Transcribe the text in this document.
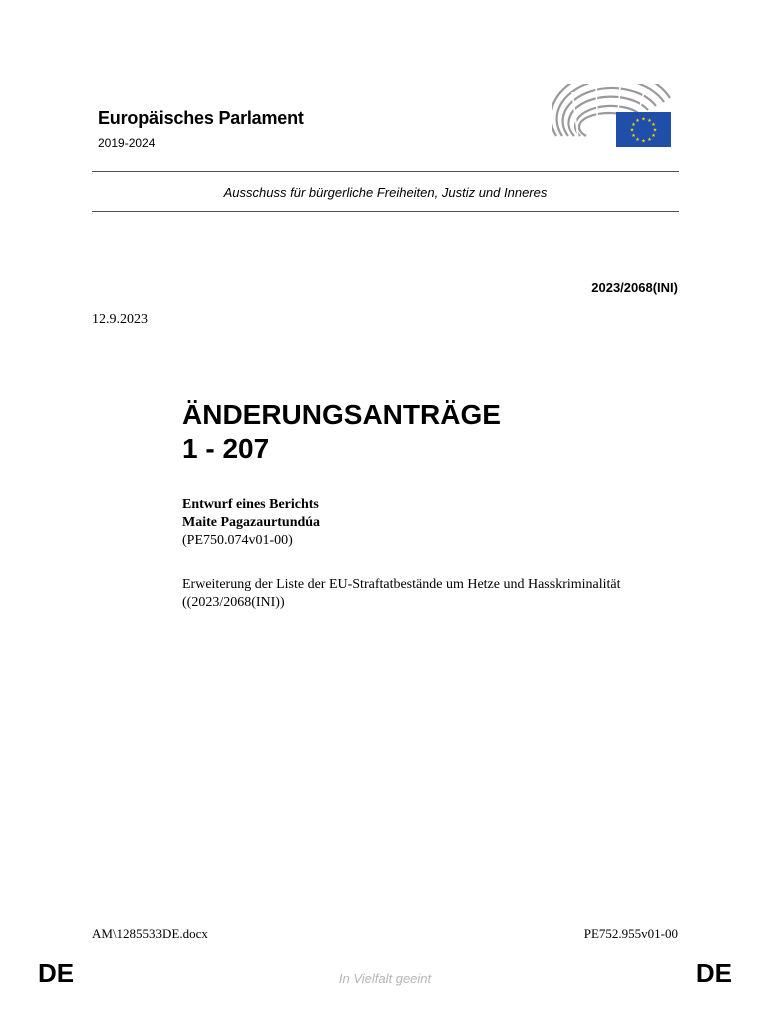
Europäisches Parlament
2019-2024
★ ★
★
★
★
★
★
★
★
★
★
★
Ausschuss für bürgerliche Freiheiten, Justiz und Inneres
2023/2068(INI)
12.9.2023
ÄNDERUNGSANTRÄGE
1 - 207
Entwurf eines Berichts
Maite Pagazaurtundúa
(PE750.074v01-00)
Erweiterung der Liste der EU-Straftatbestände um Hetze und Hasskriminalität
((2023/2068(INI))
AM\1285533DE.docx	PE752.955v01-00
DE	In Vielfalt geeint	DE
